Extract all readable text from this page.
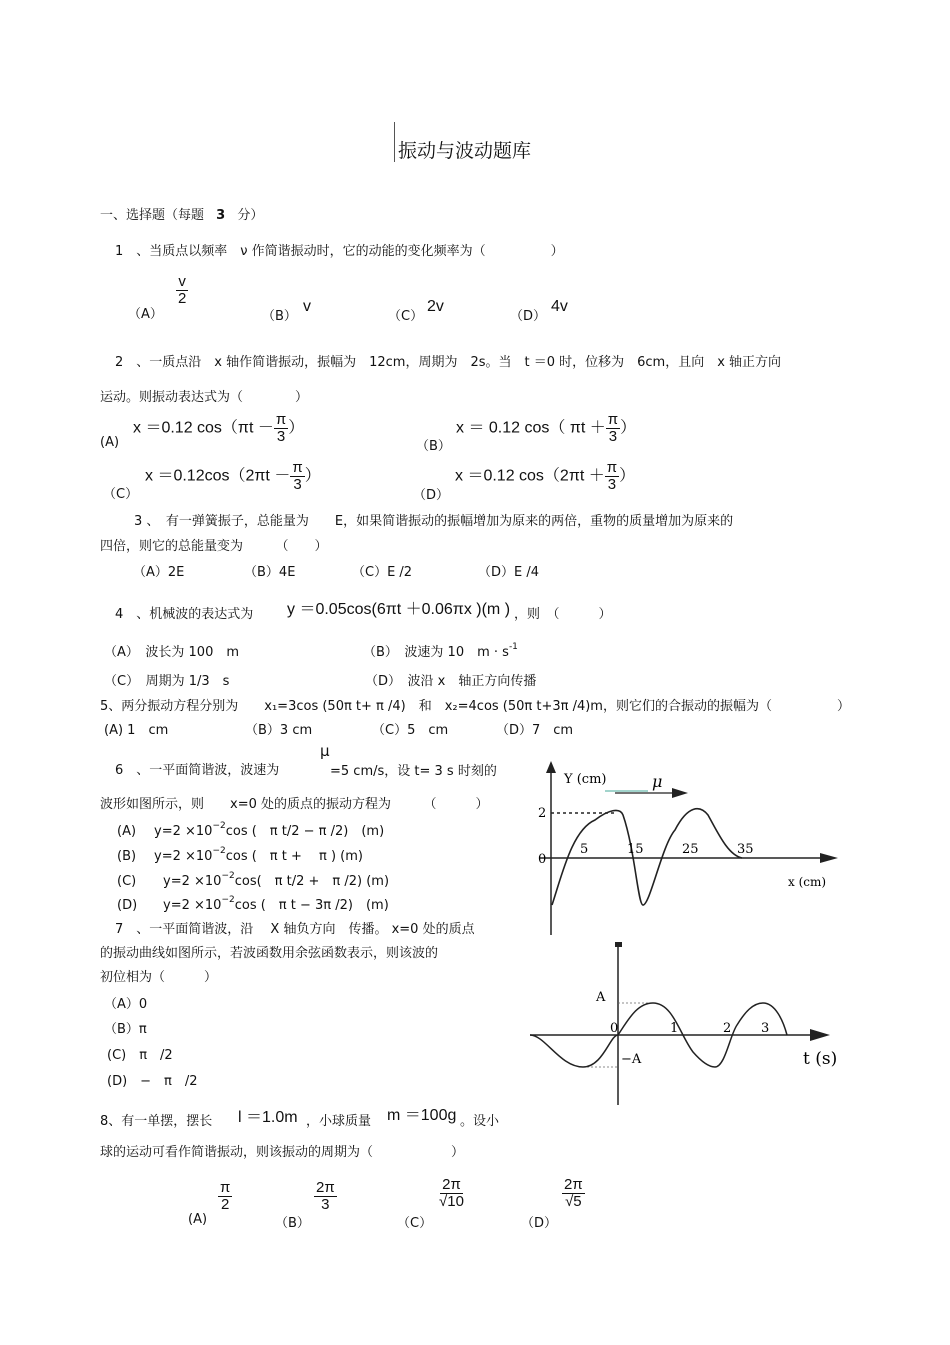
振动与波动题库
一、选择题（每题 3 分）
1　、当质点以频率　ν 作简谐振动时，它的动能的变化频率为（　　　　　）
（A）
$\frac{v}{2}$
（B）
v
（C）
2v
（D）
4v
2　、一质点沿　x 轴作简谐振动，振幅为　12cm，周期为　2s。当　t ＝0 时，位移为　6cm，且向　x 轴正方向
运动。则振动表达式为（　　　　）
(A)
x ＝0.12 $\cos(\pi t - \frac{\pi}{3}$ ）
（B）
x ＝ 0.12 cos（ $\pi t + \frac{\pi}{3}$ ）
（C）
$x =0.12\cos(2\pi t - \frac{\pi}{3}$ ）
（D）
x ＝0.12 $\cos(2\pi t + \frac{\pi}{3}$ ）
3 、　有一弹簧振子，总能量为　　E，如果简谐振动的振幅增加为原来的两倍，重物的质量增加为原来的
四倍，则它的总能量变为　　　（　　）
（A）2E	（B）4E	（C）E /2	（D）E /4
4　、机械波的表达式为 y ＝0.05cos(6πt ＋0.06πx )(m ) ，则　（　　　）
（A）　波长为 100　m	（B）　波速为 10　$m \cdot s^{-1}$
（C）　周期为 1/3　s	（D）　波沿 x　轴正方向传播
5、两分振动方程分别为　　x₁=3cos (50π t+ π /4)　和　x₂=4cos (50π t+3π /4)m，则它们的合振动的振幅为（　　　　　）
(A) 1　cm	（B）3 cm	（C）5　cm	（D）7　cm
6　、一平面简谐波，波速为
μ
=5 cm/s，设 t= 3 s 时刻的
波形如图所示，则　　x=0 处的质点的振动方程为　　　（　　　）
(A) $y=2 \times 10^{-2}\cos$ (　π t/2 − π /2)　(m)
(B) $y=2 \times 10^{-2}\cos$ (　π t +　 π ) (m)
(C) $y=2 \times 10^{-2}\cos$(　π t/2 +　π /2) (m)
(D) $y=2 \times 10^{-2}\cos$ (　π t − 3π /2)　(m)
7　、一平面简谐波，沿　 X 轴负方向　传播。 x=0 处的质点
的振动曲线如图所示，若波函数用余弦函数表示，则该波的
初位相为（　　　）
（A）0
（B）π
(C)　π　/2
(D)　−　π　/2
8、有一单摆，摆长 l ＝1.0m ，小球质量 m ＝100g 。设小
球的运动可看作简谐振动，则该振动的周期为（　　　　　　）
(A)
$\frac{\pi}{2}$
（B）
$\frac{2\pi}{3}$
（C）
$\frac{2\pi}{√10}$
（D）
$\frac{2\pi}{√5}$
Y (cm)	μ
2
0
5	15	25	35
x (cm)
A
−A
0	1	2 3
t (s)
